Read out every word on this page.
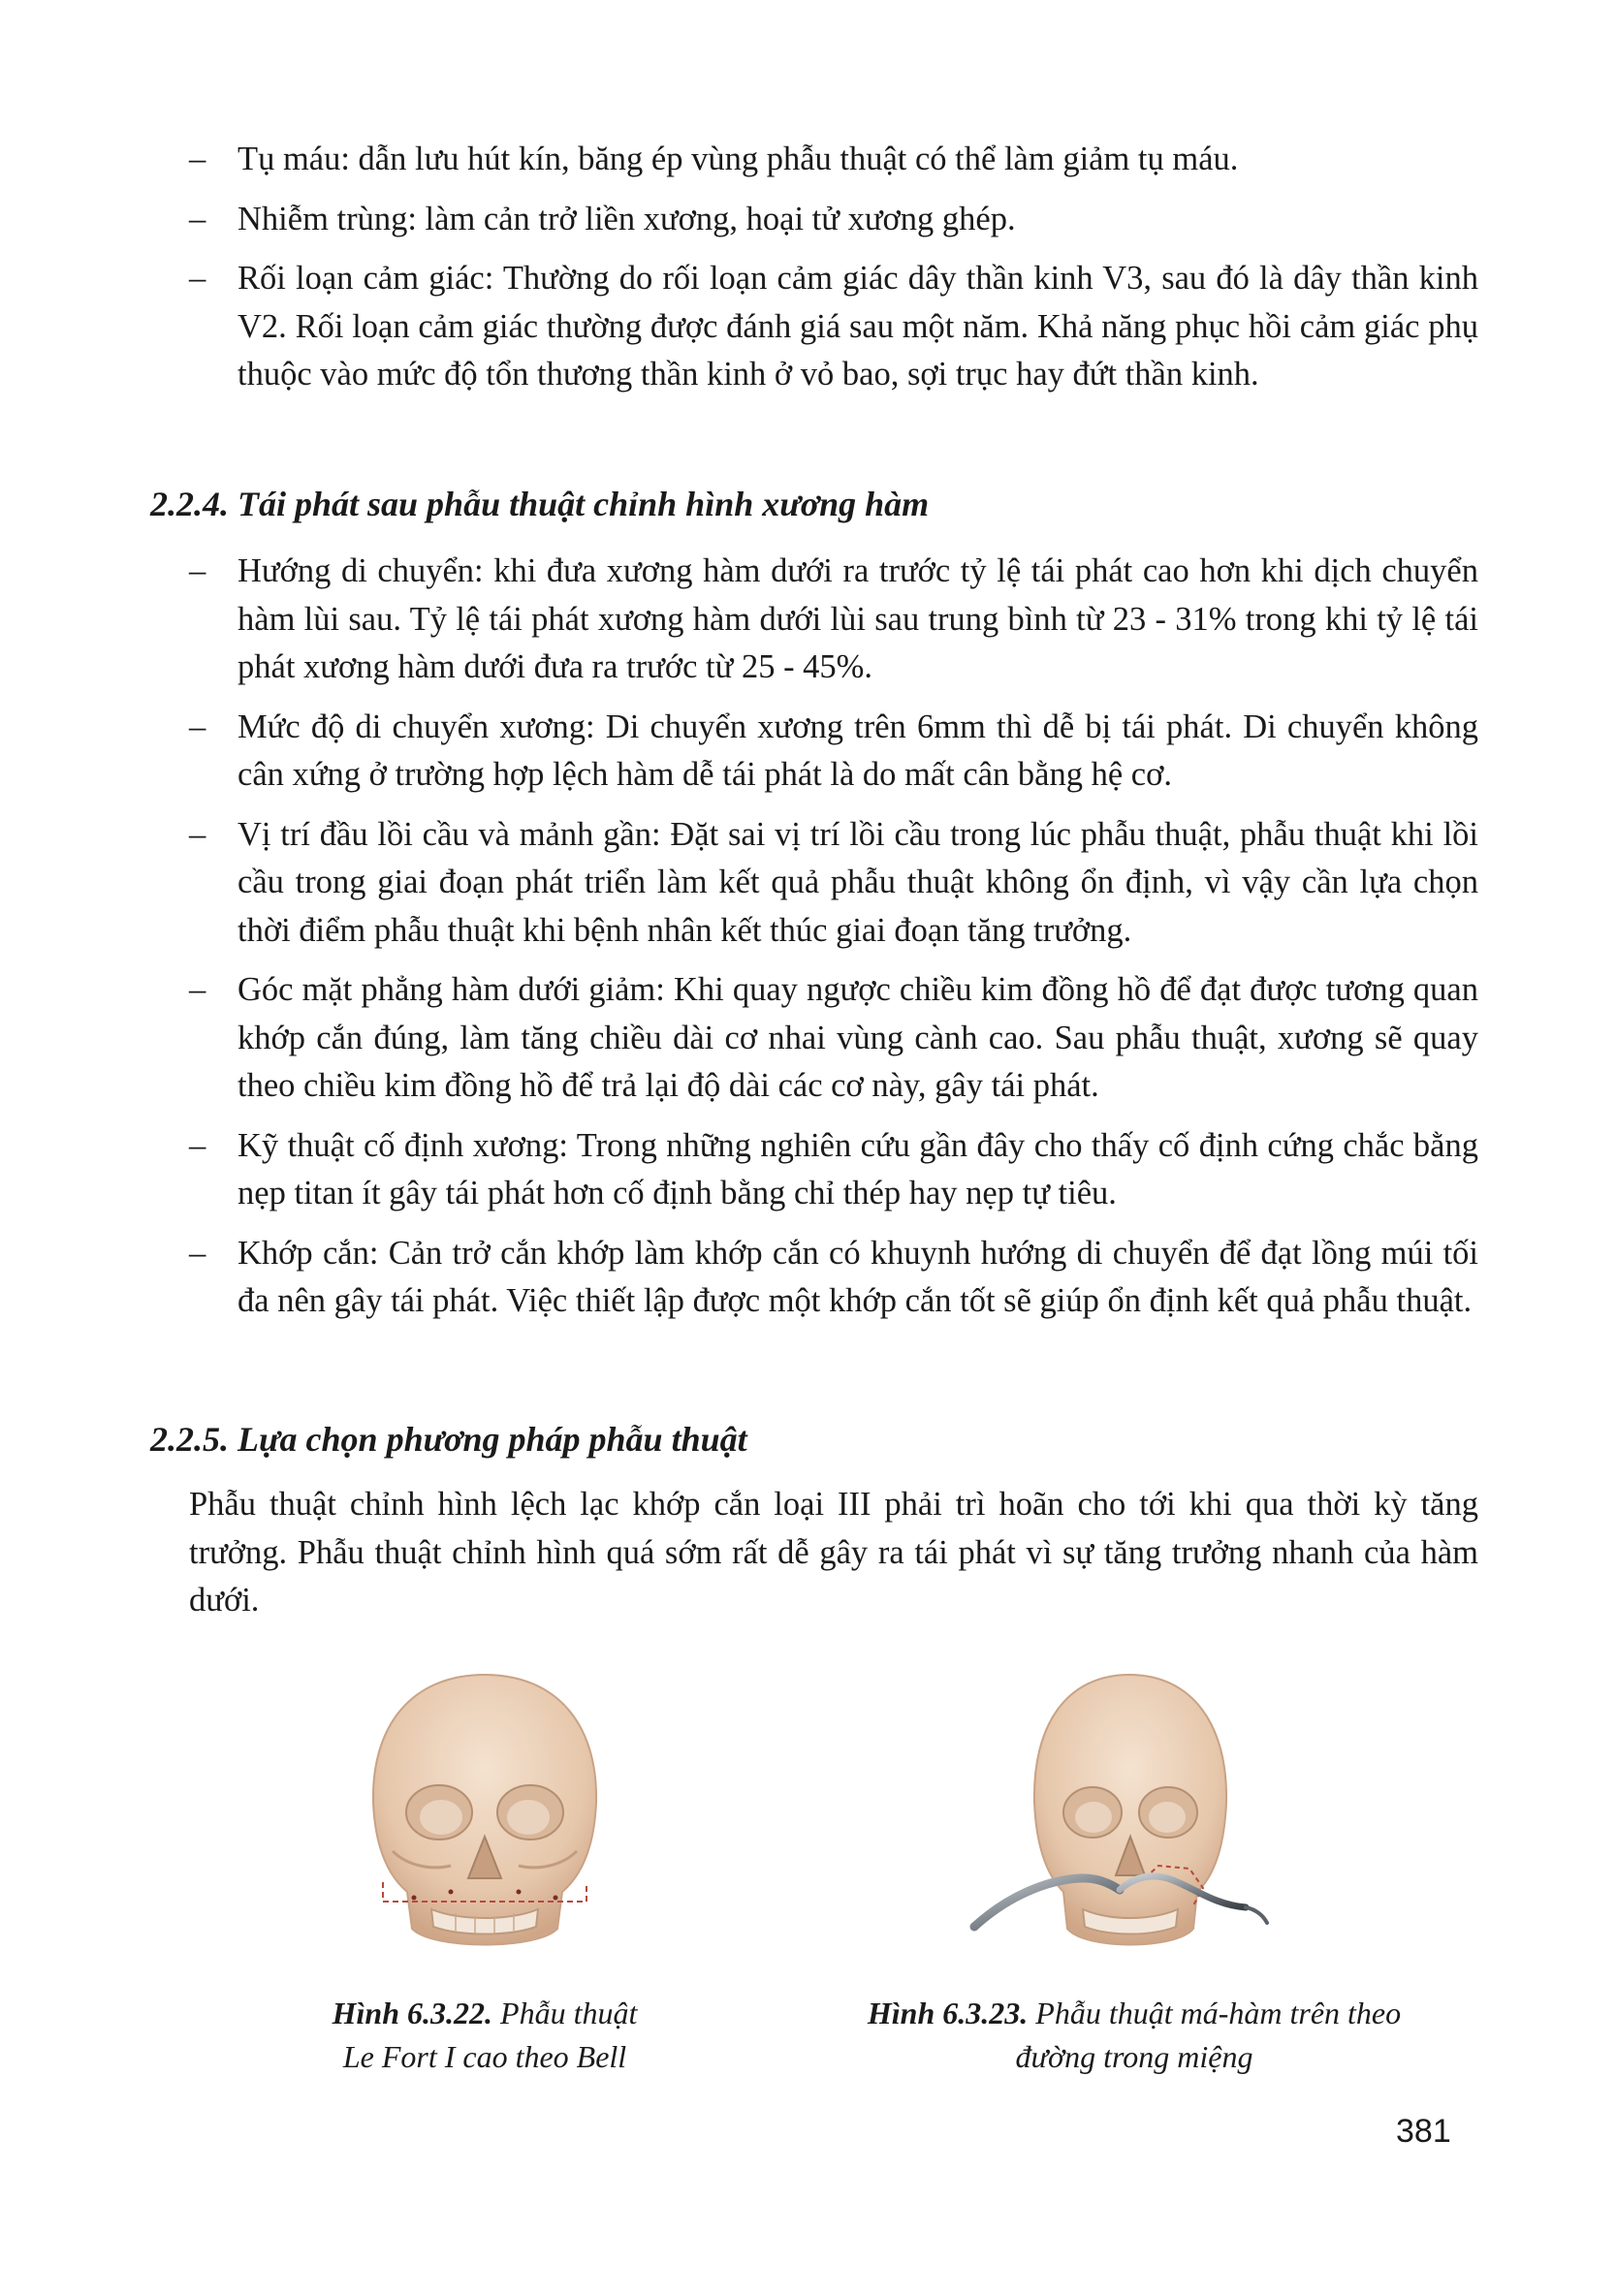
– Tụ máu: dẫn lưu hút kín, băng ép vùng phẫu thuật có thể làm giảm tụ máu.
– Nhiễm trùng: làm cản trở liền xương, hoại tử xương ghép.
– Rối loạn cảm giác: Thường do rối loạn cảm giác dây thần kinh V3, sau đó là dây thần kinh V2. Rối loạn cảm giác thường được đánh giá sau một năm. Khả năng phục hồi cảm giác phụ thuộc vào mức độ tổn thương thần kinh ở vỏ bao, sợi trục hay đứt thần kinh.
2.2.4. Tái phát sau phẫu thuật chỉnh hình xương hàm
– Hướng di chuyển: khi đưa xương hàm dưới ra trước tỷ lệ tái phát cao hơn khi dịch chuyển hàm lùi sau. Tỷ lệ tái phát xương hàm dưới lùi sau trung bình từ 23 - 31% trong khi tỷ lệ tái phát xương hàm dưới đưa ra trước từ 25 - 45%.
– Mức độ di chuyển xương: Di chuyển xương trên 6mm thì dễ bị tái phát. Di chuyển không cân xứng ở trường hợp lệch hàm dễ tái phát là do mất cân bằng hệ cơ.
– Vị trí đầu lồi cầu và mảnh gần: Đặt sai vị trí lồi cầu trong lúc phẫu thuật, phẫu thuật khi lồi cầu trong giai đoạn phát triển làm kết quả phẫu thuật không ổn định, vì vậy cần lựa chọn thời điểm phẫu thuật khi bệnh nhân kết thúc giai đoạn tăng trưởng.
– Góc mặt phẳng hàm dưới giảm: Khi quay ngược chiều kim đồng hồ để đạt được tương quan khớp cắn đúng, làm tăng chiều dài cơ nhai vùng cành cao. Sau phẫu thuật, xương sẽ quay theo chiều kim đồng hồ để trả lại độ dài các cơ này, gây tái phát.
– Kỹ thuật cố định xương: Trong những nghiên cứu gần đây cho thấy cố định cứng chắc bằng nẹp titan ít gây tái phát hơn cố định bằng chỉ thép hay nẹp tự tiêu.
– Khớp cắn: Cản trở cắn khớp làm khớp cắn có khuynh hướng di chuyển để đạt lồng múi tối đa nên gây tái phát. Việc thiết lập được một khớp cắn tốt sẽ giúp ổn định kết quả phẫu thuật.
2.2.5. Lựa chọn phương pháp phẫu thuật
Phẫu thuật chỉnh hình lệch lạc khớp cắn loại III phải trì hoãn cho tới khi qua thời kỳ tăng trưởng. Phẫu thuật chỉnh hình quá sớm rất dễ gây ra tái phát vì sự tăng trưởng nhanh của hàm dưới.
Hình 6.3.22. Phẫu thuật
Le Fort I cao theo Bell
Hình 6.3.23. Phẫu thuật má-hàm trên theo
đường trong miệng
381
